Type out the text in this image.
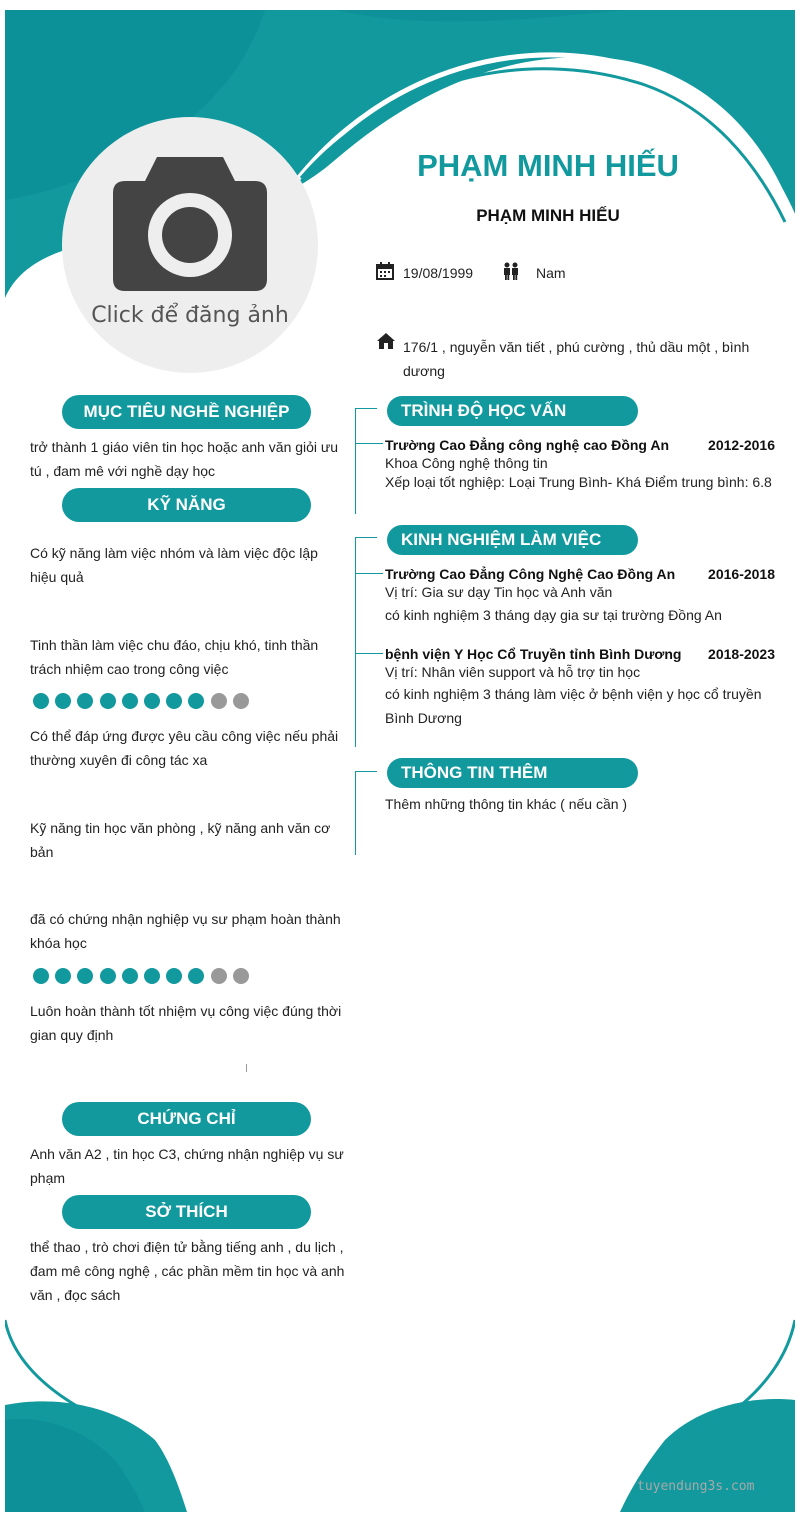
Click để đăng ảnh
PHẠM MINH HIẾU
PHẠM MINH HIẾU
19/08/1999	Nam
176/1 , nguyễn văn tiết , phú cường , thủ dầu một , bình
dương
MỤC TIÊU NGHỀ NGHIỆP
trở thành 1 giáo viên tin học hoặc anh văn giỏi ưu
tú , đam mê với nghề dạy học
KỸ NĂNG
Có kỹ năng làm việc nhóm và làm việc độc lập
hiệu quả
Tinh thần làm việc chu đáo, chịu khó, tinh thần
trách nhiệm cao trong công việc
Có thể đáp ứng được yêu cầu công việc nếu phải
thường xuyên đi công tác xa
Kỹ năng tin học văn phòng , kỹ năng anh văn cơ
bản
đã có chứng nhận nghiệp vụ sư phạm hoàn thành
khóa học
Luôn hoàn thành tốt nhiệm vụ công việc đúng thời
gian quy định
CHỨNG CHỈ
Anh văn A2 , tin học C3, chứng nhận nghiệp vụ sư
phạm
SỞ THÍCH
thể thao , trò chơi điện tử bằng tiếng anh , du lịch ,
đam mê công nghệ , các phần mềm tin học và anh
văn , đọc sách
TRÌNH ĐỘ HỌC VẤN
Trường Cao Đẳng công nghệ cao Đồng An	2012-2016
Khoa Công nghệ thông tin
Xếp loại tốt nghiệp: Loại Trung Bình- Khá Điểm trung bình: 6.8
KINH NGHIỆM LÀM VIỆC
Trường Cao Đẳng Công Nghệ Cao Đồng An	2016-2018
Vị trí: Gia sư dạy Tin học và Anh văn
có kinh nghiệm 3 tháng dạy gia sư tại trường Đồng An
bệnh viện Y Học Cổ Truyền tỉnh Bình Dương	2018-2023
Vị trí: Nhân viên support và hỗ trợ tin học
có kinh nghiệm 3 tháng làm việc ở bệnh viện y học cổ truyền
Bình Dương
THÔNG TIN THÊM
Thêm những thông tin khác ( nếu cần )
tuyendung3s.com
